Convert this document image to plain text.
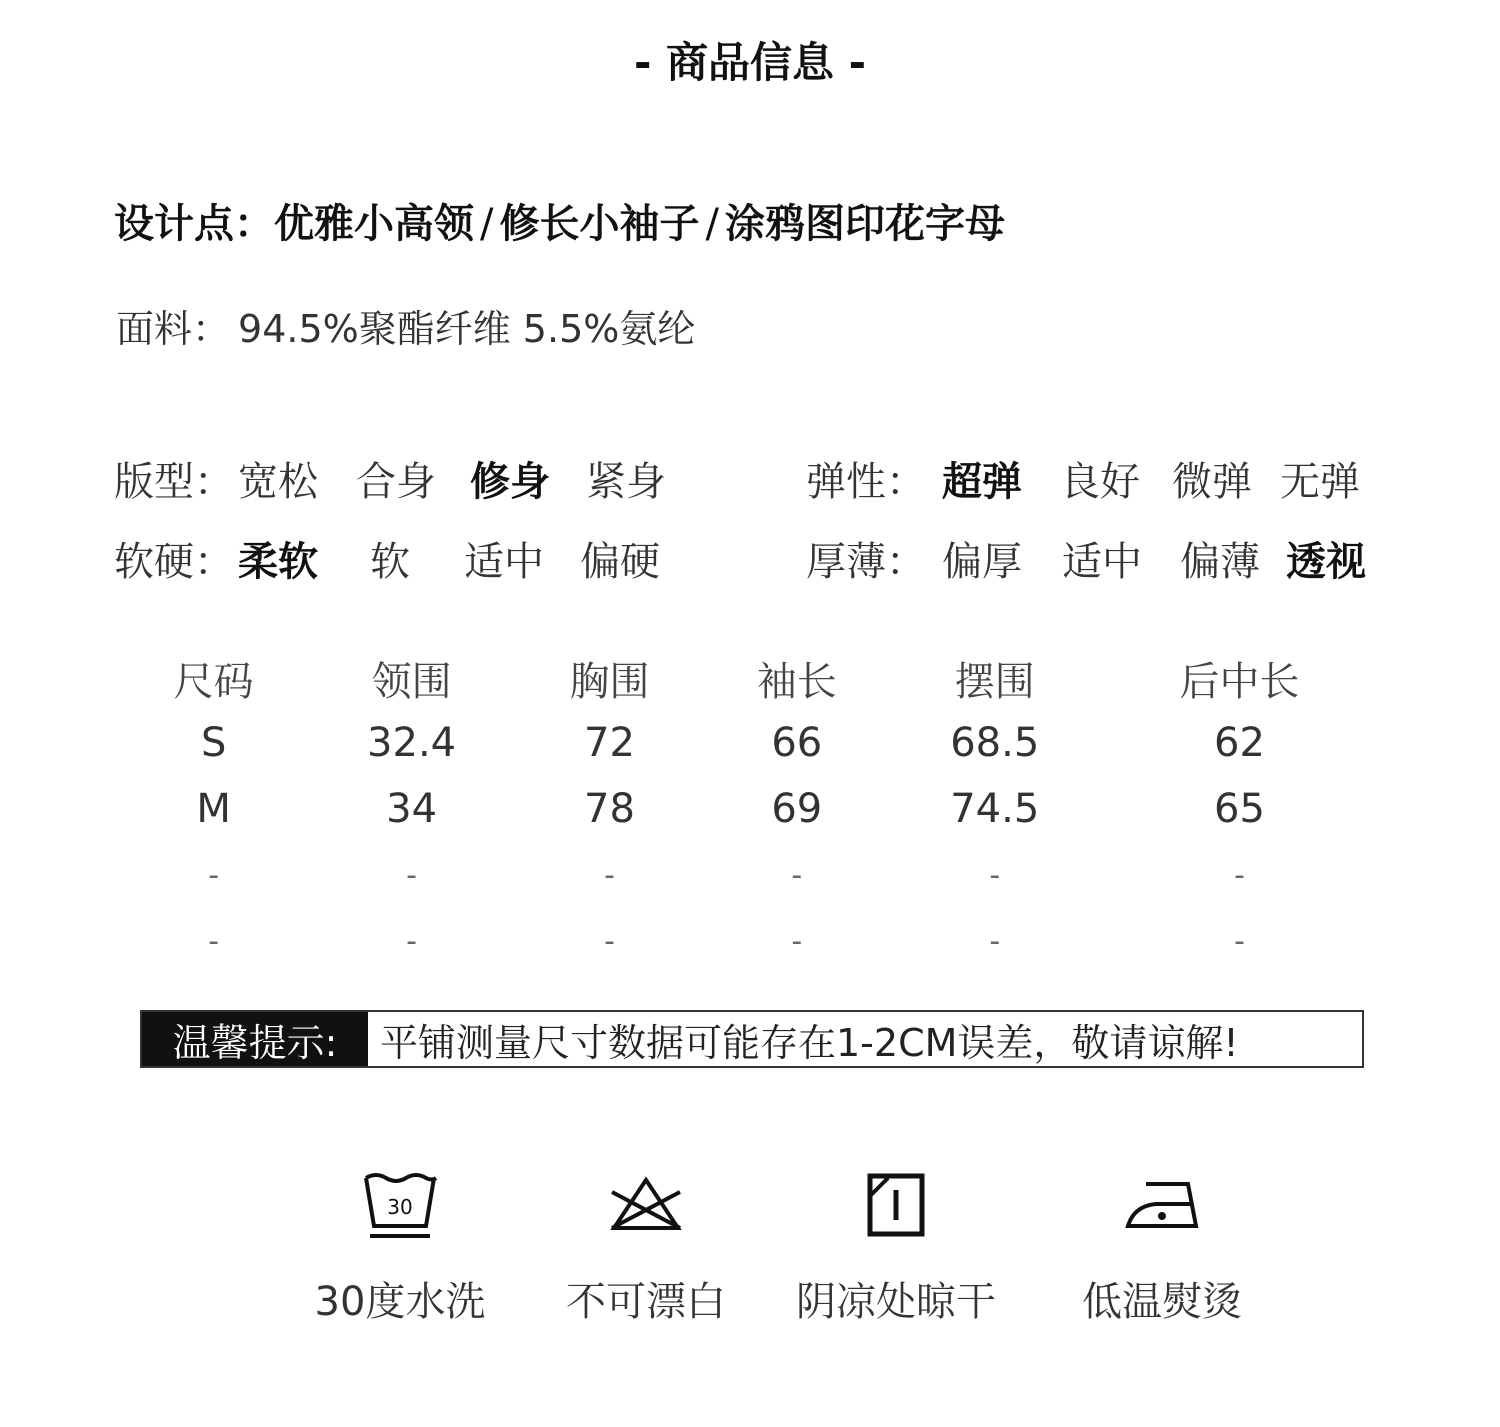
- 商品信息 -
设计点：优雅小高领 / 修长小袖子 / 涂鸦图印花字母
面料： 94.5%聚酯纤维 5.5%氨纶
版型： 宽松 合身 修身 紧身	弹性： 超弹 良好 微弹 无弹
软硬： 柔软 软 适中 偏硬	厚薄： 偏厚 适中 偏薄 透视
尺码	领围	胸围	袖长	摆围	后中长
S	32.4	72	66	68.5	62
M	34	78	69	74.5	65
-	-	-	-	-	-
-	-	-	-	-	-
温馨提示:	平铺测量尺寸数据可能存在1-2CM误差，敬请谅解!
30
30度水洗	不可漂白	阴凉处晾干	低温熨烫
